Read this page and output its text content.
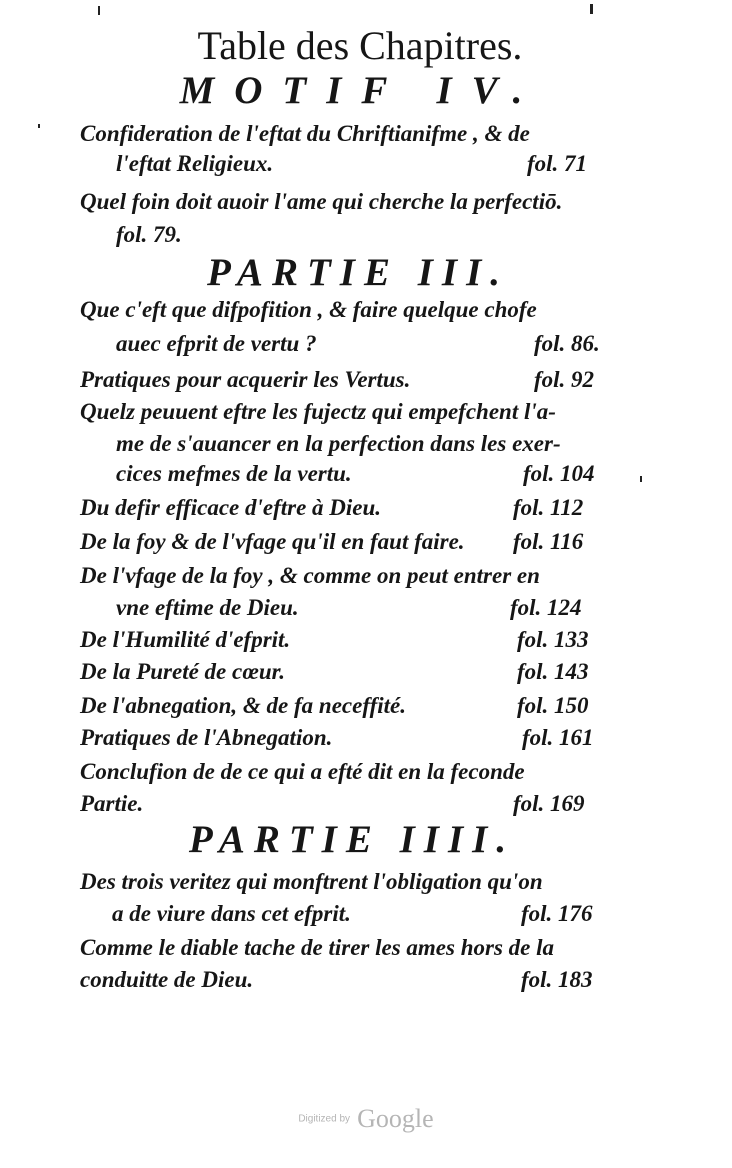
Table des Chapitres.
MOTIF IV.
Confideration de l'eftat du Chriftianifme , & de
l'eftat Religieux.	fol. 71
Quel foin doit auoir l'ame qui cherche la perfectiō.
fol. 79.
PARTIE III.
Que c'eft que difpofition , & faire quelque chofe
auec efprit de vertu ?	fol. 86.
Pratiques pour acquerir les Vertus.	fol. 92
Quelz peuuent eftre les fujectz qui empefchent l'a-
me de s'auancer en la perfection dans les exer-
cices mefmes de la vertu.	fol. 104
Du defir efficace d'eftre à Dieu.	fol. 112
De la foy & de l'vfage qu'il en faut faire. fol. 116
De l'vfage de la foy , & comme on peut entrer en
vne eftime de Dieu.	fol. 124
De l'Humilité d'efprit.	fol. 133
De la Pureté de cœur.	fol. 143
De l'abnegation, & de fa neceffité.	fol. 150
Pratiques de l'Abnegation.	fol. 161
Conclufion de de ce qui a efté dit en la feconde
Partie.	fol. 169
PARTIE IIII.
Des trois veritez qui monftrent l'obligation qu'on
a de viure dans cet efprit.	fol. 176
Comme le diable tache de tirer les ames hors de la
conduitte de Dieu.	fol. 183
Digitized by Google
